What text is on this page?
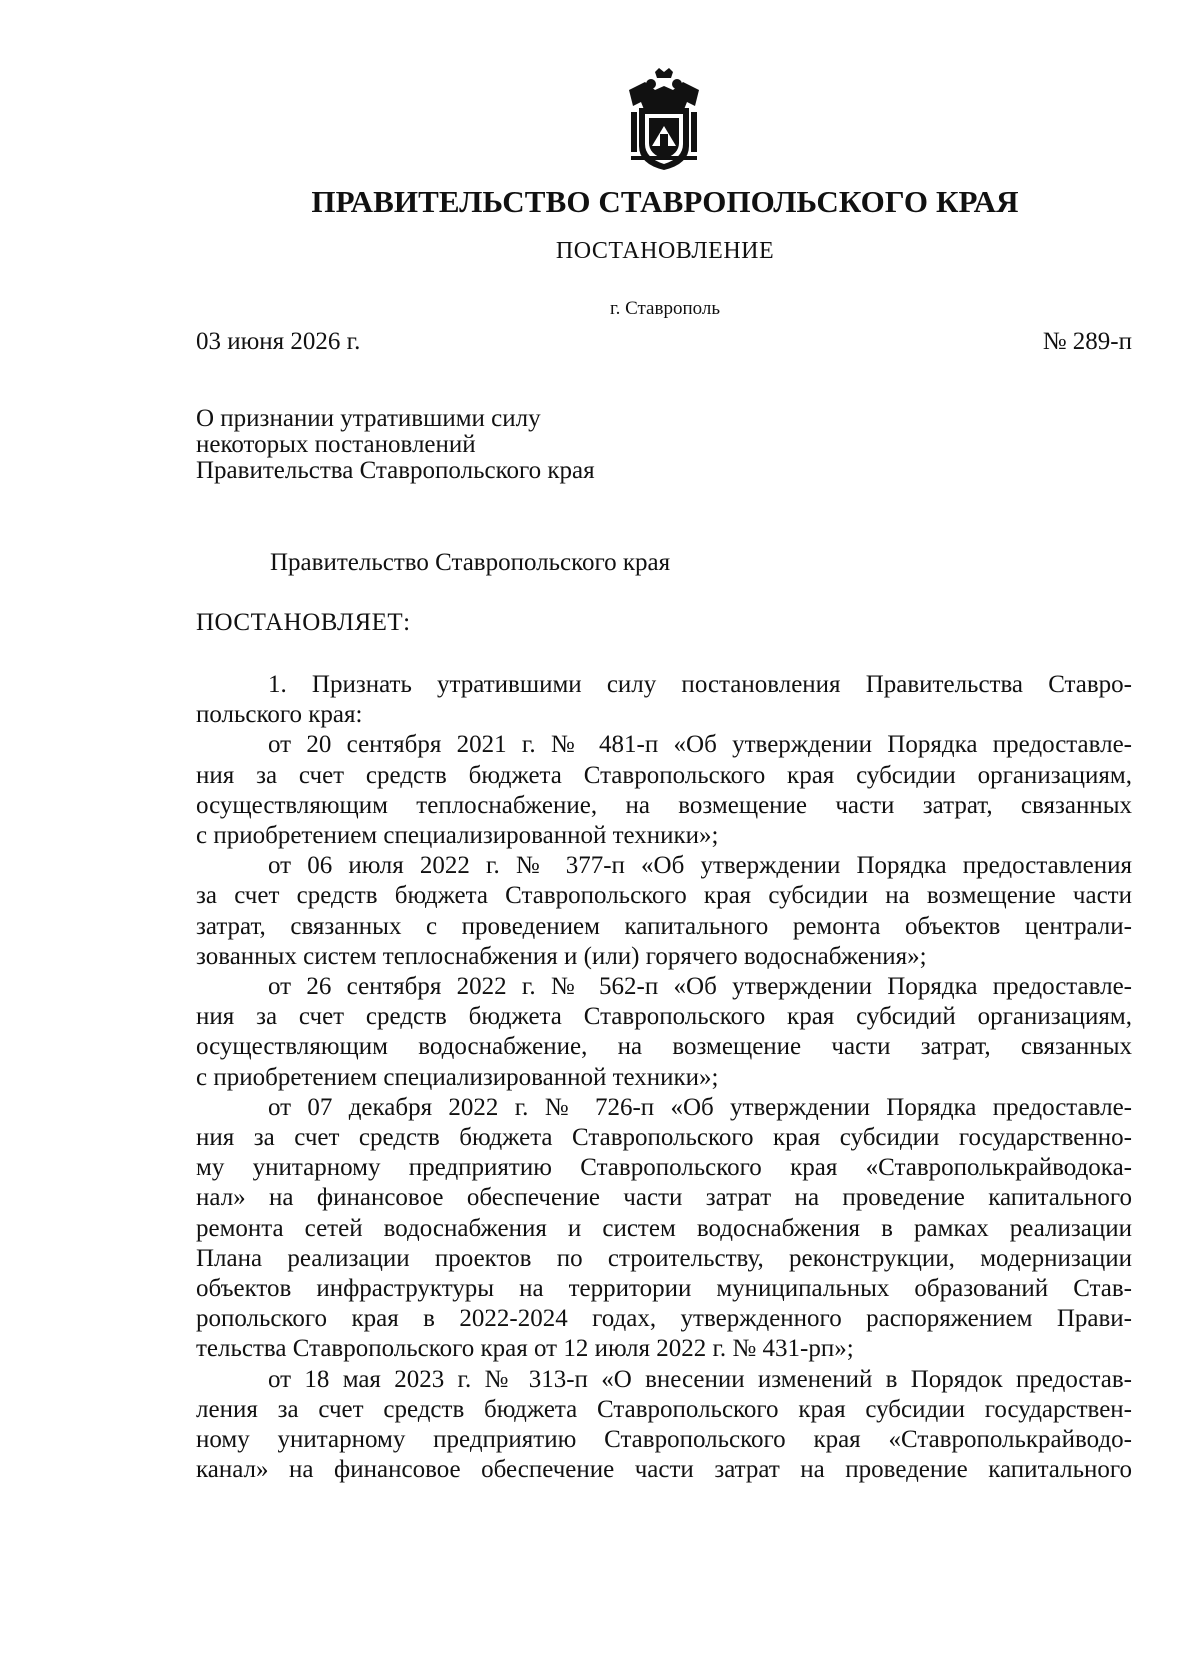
ПРАВИТЕЛЬСТВО СТАВРОПОЛЬСКОГО КРАЯ
ПОСТАНОВЛЕНИЕ
г. Ставрополь
03 июня 2026 г.	№ 289-п
О признании утратившими силу
некоторых постановлений
Правительства Ставропольского края
Правительство Ставропольского края
ПОСТАНОВЛЯЕТ:
1. Признать утратившими силу постановления Правительства Ставро-
польского края:
от 20 сентября 2021 г. № 481-п «Об утверждении Порядка предоставле-
ния за счет средств бюджета Ставропольского края субсидии организациям,
осуществляющим теплоснабжение, на возмещение части затрат, связанных
с приобретением специализированной техники»;
от 06 июля 2022 г. № 377-п «Об утверждении Порядка предоставления
за счет средств бюджета Ставропольского края субсидии на возмещение части
затрат, связанных с проведением капитального ремонта объектов централи-
зованных систем теплоснабжения и (или) горячего водоснабжения»;
от 26 сентября 2022 г. № 562-п «Об утверждении Порядка предоставле-
ния за счет средств бюджета Ставропольского края субсидий организациям,
осуществляющим водоснабжение, на возмещение части затрат, связанных
с приобретением специализированной техники»;
от 07 декабря 2022 г. № 726-п «Об утверждении Порядка предоставле-
ния за счет средств бюджета Ставропольского края субсидии государственно-
му унитарному предприятию Ставропольского края «Ставрополькрайводока-
нал» на финансовое обеспечение части затрат на проведение капитального
ремонта сетей водоснабжения и систем водоснабжения в рамках реализации
Плана реализации проектов по строительству, реконструкции, модернизации
объектов инфраструктуры на территории муниципальных образований Став-
ропольского края в 2022-2024 годах, утвержденного распоряжением Прави-
тельства Ставропольского края от 12 июля 2022 г. № 431-рп»;
от 18 мая 2023 г. № 313-п «О внесении изменений в Порядок предостав-
ления за счет средств бюджета Ставропольского края субсидии государствен-
ному унитарному предприятию Ставропольского края «Ставрополькрайводо-
канал» на финансовое обеспечение части затрат на проведение капитального
